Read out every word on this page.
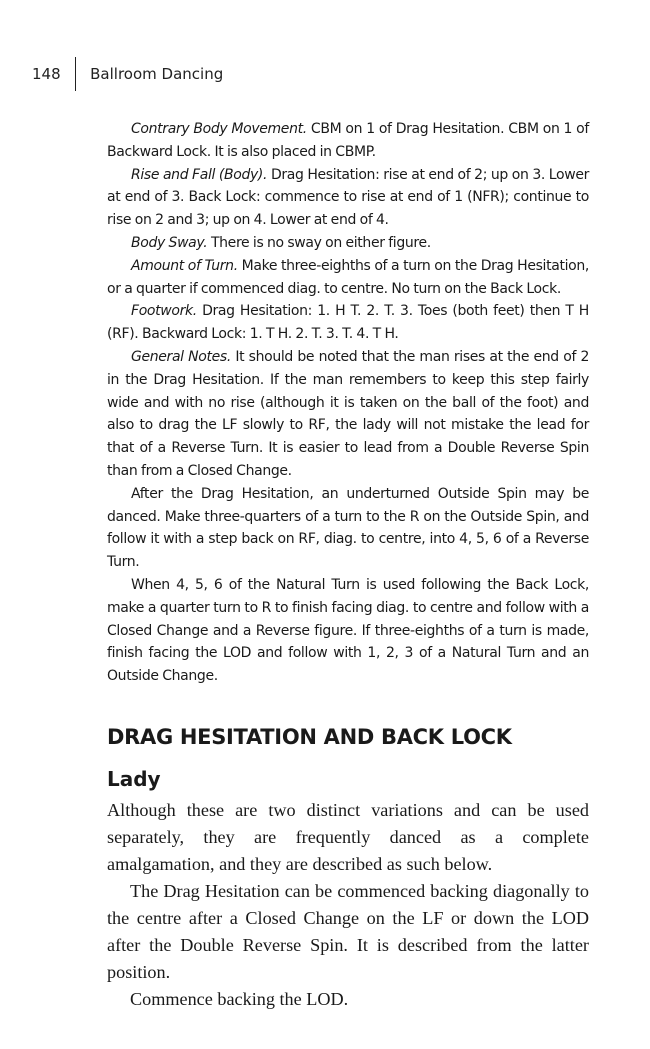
148 Ballroom Dancing

Contrary Body Movement. CBM on 1 of Drag Hesitation. CBM on 1 of Backward Lock. It is also placed in CBMP.

Rise and Fall (Body). Drag Hesitation: rise at end of 2; up on 3. Lower at end of 3. Back Lock: commence to rise at end of 1 (NFR); continue to rise on 2 and 3; up on 4. Lower at end of 4.

Body Sway. There is no sway on either figure.

Amount of Turn. Make three-eighths of a turn on the Drag Hesitation, or a quarter if commenced diag. to centre. No turn on the Back Lock.

Footwork. Drag Hesitation: 1. H T. 2. T. 3. Toes (both feet) then T H (RF). Backward Lock: 1. T H. 2. T. 3. T. 4. T H.

General Notes. It should be noted that the man rises at the end of 2 in the Drag Hesitation. If the man remembers to keep this step fairly wide and with no rise (although it is taken on the ball of the foot) and also to drag the LF slowly to RF, the lady will not mistake the lead for that of a Reverse Turn. It is easier to lead from a Double Reverse Spin than from a Closed Change.

After the Drag Hesitation, an underturned Outside Spin may be danced. Make three-quarters of a turn to the R on the Outside Spin, and follow it with a step back on RF, diag. to centre, into 4, 5, 6 of a Reverse Turn.

When 4, 5, 6 of the Natural Turn is used following the Back Lock, make a quarter turn to R to finish facing diag. to centre and follow with a Closed Change and a Reverse figure. If three-eighths of a turn is made, finish facing the LOD and follow with 1, 2, 3 of a Natural Turn and an Outside Change.

DRAG HESITATION AND BACK LOCK
Lady

Although these are two distinct variations and can be used separately, they are frequently danced as a complete amalgamation, and they are described as such below.

The Drag Hesitation can be commenced backing diagonally to the centre after a Closed Change on the LF or down the LOD after the Double Reverse Spin. It is described from the latter position.

Commence backing the LOD.
